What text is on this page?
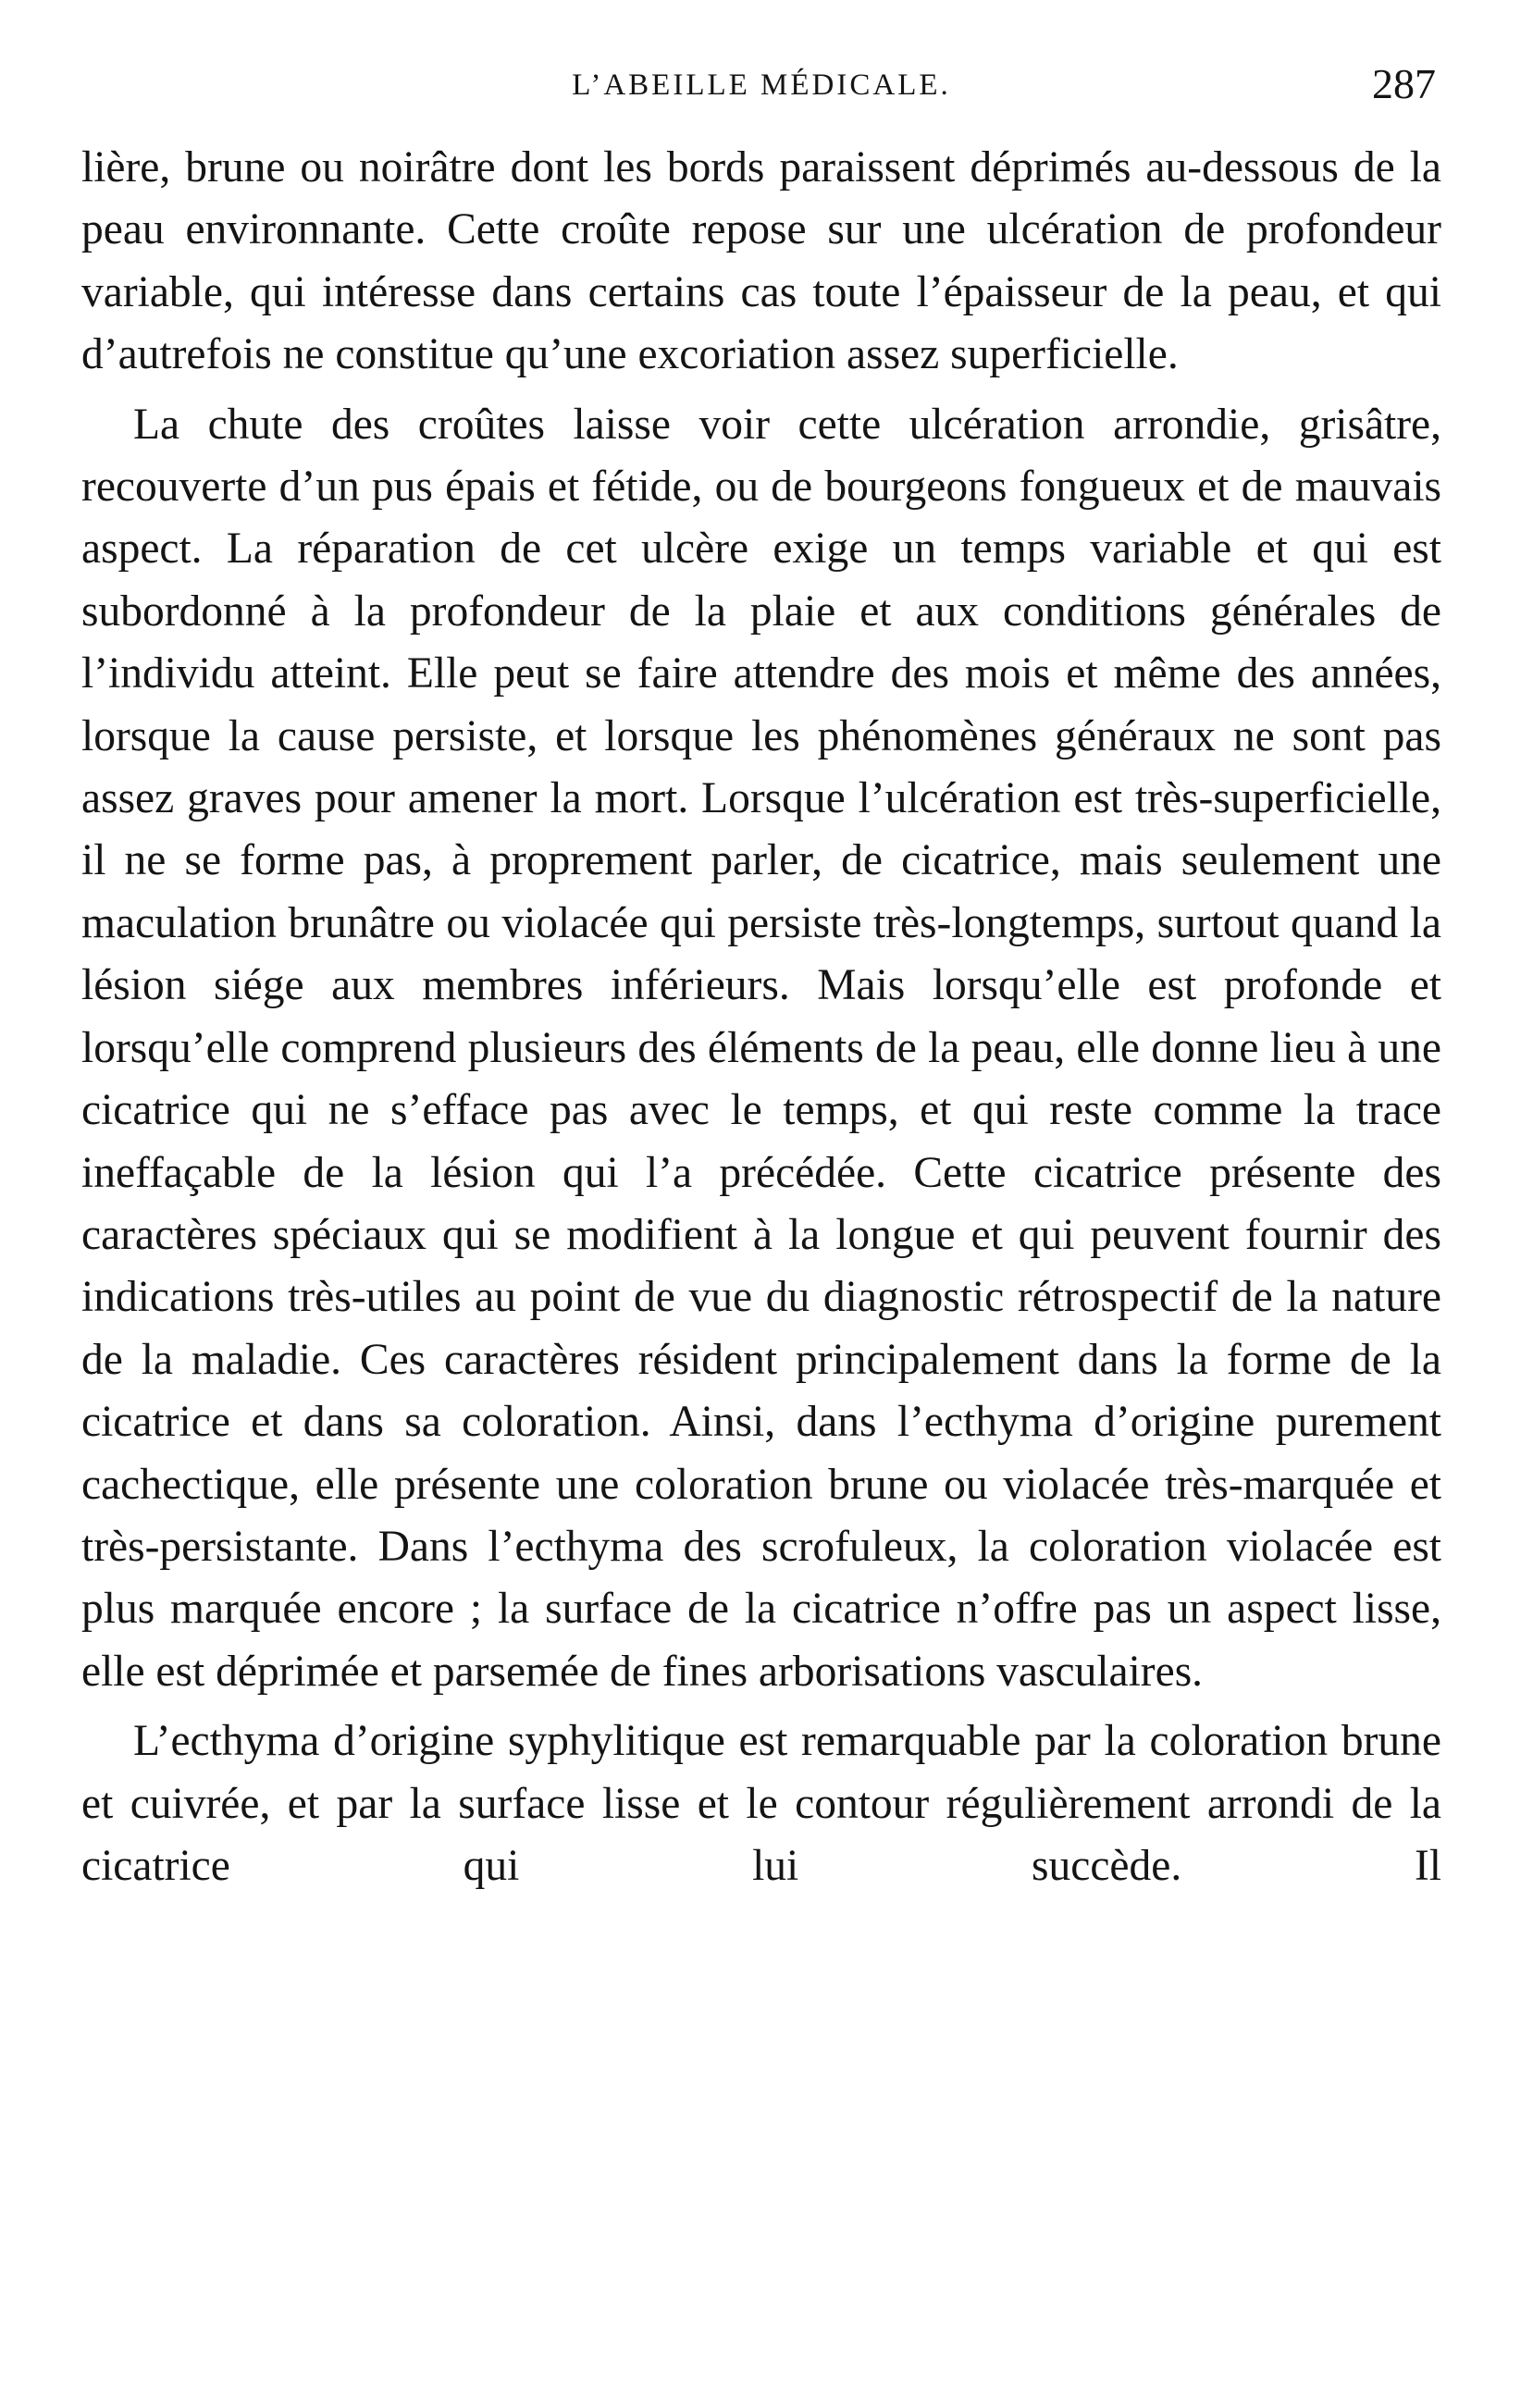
L’ABEILLE MÉDICALE.	287

lière, brune ou noirâtre dont les bords paraissent déprimés au-dessous de la peau environnante. Cette croûte repose sur une ulcération de profondeur variable, qui intéresse dans certains cas toute l’épaisseur de la peau, et qui d’autrefois ne constitue qu’une excoriation assez superficielle.

La chute des croûtes laisse voir cette ulcération arrondie, grisâtre, recouverte d’un pus épais et fétide, ou de bourgeons fongueux et de mauvais aspect. La réparation de cet ulcère exige un temps variable et qui est subordonné à la profondeur de la plaie et aux conditions générales de l’individu atteint. Elle peut se faire attendre des mois et même des années, lorsque la cause persiste, et lorsque les phénomènes généraux ne sont pas assez graves pour amener la mort. Lorsque l’ulcération est très-superficielle, il ne se forme pas, à proprement parler, de cicatrice, mais seulement une maculation brunâtre ou violacée qui persiste très-longtemps, surtout quand la lésion siége aux membres inférieurs. Mais lorsqu’elle est profonde et lorsqu’elle comprend plusieurs des éléments de la peau, elle donne lieu à une cicatrice qui ne s’efface pas avec le temps, et qui reste comme la trace ineffaçable de la lésion qui l’a précédée. Cette cicatrice présente des caractères spéciaux qui se modifient à la longue et qui peuvent fournir des indications très-utiles au point de vue du diagnostic rétrospectif de la nature de la maladie. Ces caractères résident principalement dans la forme de la cicatrice et dans sa coloration. Ainsi, dans l’ecthyma d’origine purement cachectique, elle présente une coloration brune ou violacée très-marquée et très-persistante. Dans l’ecthyma des scrofuleux, la coloration violacée est plus marquée encore ; la surface de la cicatrice n’offre pas un aspect lisse, elle est déprimée et parsemée de fines arborisations vasculaires.

L’ecthyma d’origine syphylitique est remarquable par la coloration brune et cuivrée, et par la surface lisse et le contour régulièrement arrondi de la cicatrice qui lui succède. Il
